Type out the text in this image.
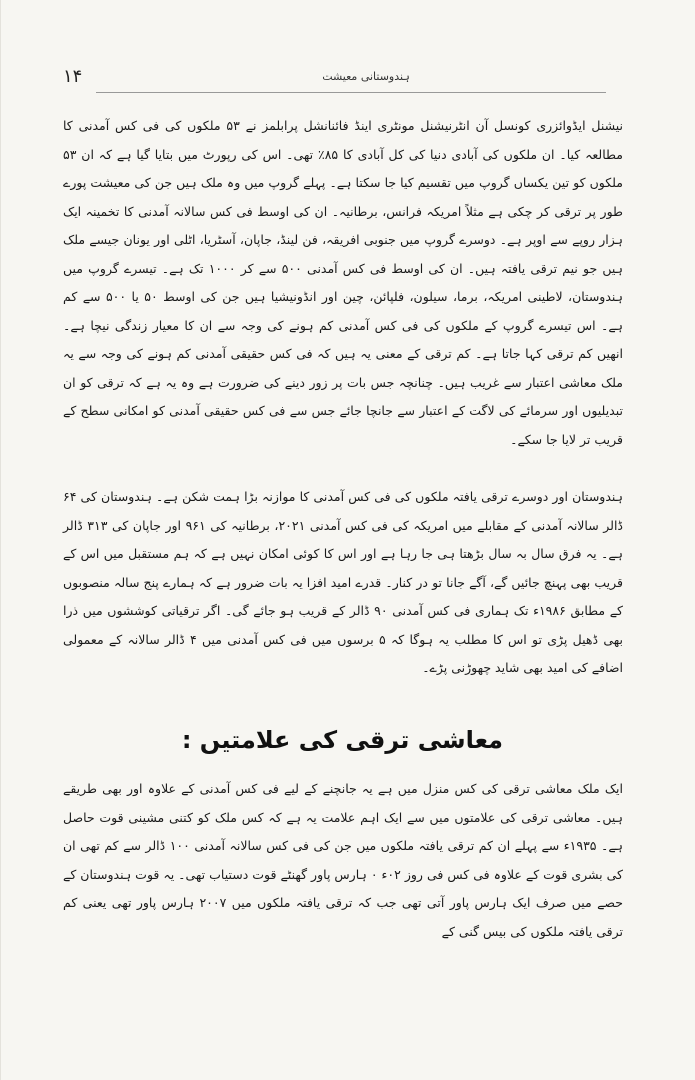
۱۴	ہندوستانی معیشت

نیشنل ایڈوائزری کونسل آن انٹرنیشنل مونٹری اینڈ فائنانشل پرابلمز نے ۵۳ ملکوں کی فی کس آمدنی کا مطالعہ کیا۔ ان ملکوں کی آبادی دنیا کی کل آبادی کا ۸۵٪ تھی۔ اس کی رپورٹ میں بتایا گیا ہے کہ ان ۵۳ ملکوں کو تین یکساں گروپ میں تقسیم کیا جا سکتا ہے۔ پہلے گروپ میں وہ ملک ہیں جن کی معیشت پورے طور پر ترقی کر چکی ہے مثلاً امریکہ فرانس، برطانیہ۔ ان کی اوسط فی کس سالانہ آمدنی کا تخمینہ ایک ہزار روپے سے اوپر ہے۔ دوسرے گروپ میں جنوبی افریقہ، فن لینڈ، جاپان، آسٹریا، اٹلی اور یونان جیسے ملک ہیں جو نیم ترقی یافتہ ہیں۔ ان کی اوسط فی کس آمدنی ۵۰۰ سے کر ۱۰۰۰ تک ہے۔ تیسرے گروپ میں ہندوستان، لاطینی امریکہ، برما، سیلون، فلپائن، چین اور انڈونیشیا ہیں جن کی اوسط ۵۰ یا ۵۰۰ سے کم ہے۔ اس تیسرے گروپ کے ملکوں کی فی کس آمدنی کم ہونے کی وجہ سے ان کا معیار زندگی نیچا ہے۔ انھیں کم ترقی کہا جاتا ہے۔ کم ترقی کے معنی یہ ہیں کہ فی کس حقیقی آمدنی کم ہونے کی وجہ سے یہ ملک معاشی اعتبار سے غریب ہیں۔ چنانچہ جس بات پر زور دینے کی ضرورت ہے وہ یہ ہے کہ ترقی کو ان تبدیلیوں اور سرمائے کی لاگت کے اعتبار سے جانچا جائے جس سے فی کس حقیقی آمدنی کو امکانی سطح کے قریب تر لایا جا سکے۔

ہندوستان اور دوسرے ترقی یافتہ ملکوں کی فی کس آمدنی کا موازنہ بڑا ہمت شکن ہے۔ ہندوستان کی ۶۴ ڈالر سالانہ آمدنی کے مقابلے میں امریکہ کی فی کس آمدنی ۲۰۲۱، برطانیہ کی ۹۶۱ اور جاپان کی ۳۱۳ ڈالر ہے۔ یہ فرق سال بہ سال بڑھتا ہی جا رہا ہے اور اس کا کوئی امکان نہیں ہے کہ ہم مستقبل میں اس کے قریب بھی پہنچ جائیں گے، آگے جانا تو در کنار۔ قدرے امید افزا یہ بات ضرور ہے کہ ہمارے پنج سالہ منصوبوں کے مطابق ۱۹۸۶ء تک ہماری فی کس آمدنی ۹۰ ڈالر کے قریب ہو جائے گی۔ اگر ترقیاتی کوششوں میں ذرا بھی ڈھیل پڑی تو اس کا مطلب یہ ہوگا کہ ۵ برسوں میں فی کس آمدنی میں ۴ ڈالر سالانہ کے معمولی اضافے کی امید بھی شاید چھوڑنی پڑے۔

معاشی ترقی کی علامتیں :

ایک ملک معاشی ترقی کی کس منزل میں ہے یہ جانچنے کے لیے فی کس آمدنی کے علاوہ اور بھی طریقے ہیں۔ معاشی ترقی کی علامتوں میں سے ایک اہم علامت یہ ہے کہ کس ملک کو کتنی مشینی قوت حاصل ہے۔ ۱۹۳۵ء سے پہلے ان کم ترقی یافتہ ملکوں میں جن کی فی کس سالانہ آمدنی ۱۰۰ ڈالر سے کم تھی ان کی بشری قوت کے علاوہ فی کس فی روز ۰۲ء ۰ ہارس پاور گھنٹے قوت دستیاب تھی۔ یہ قوت ہندوستان کے حصے میں صرف ایک ہارس پاور آتی تھی جب کہ ترقی یافتہ ملکوں میں ۲۰۰۷ ہارس پاور تھی یعنی کم ترقی یافتہ ملکوں کی بیس گنی کے
